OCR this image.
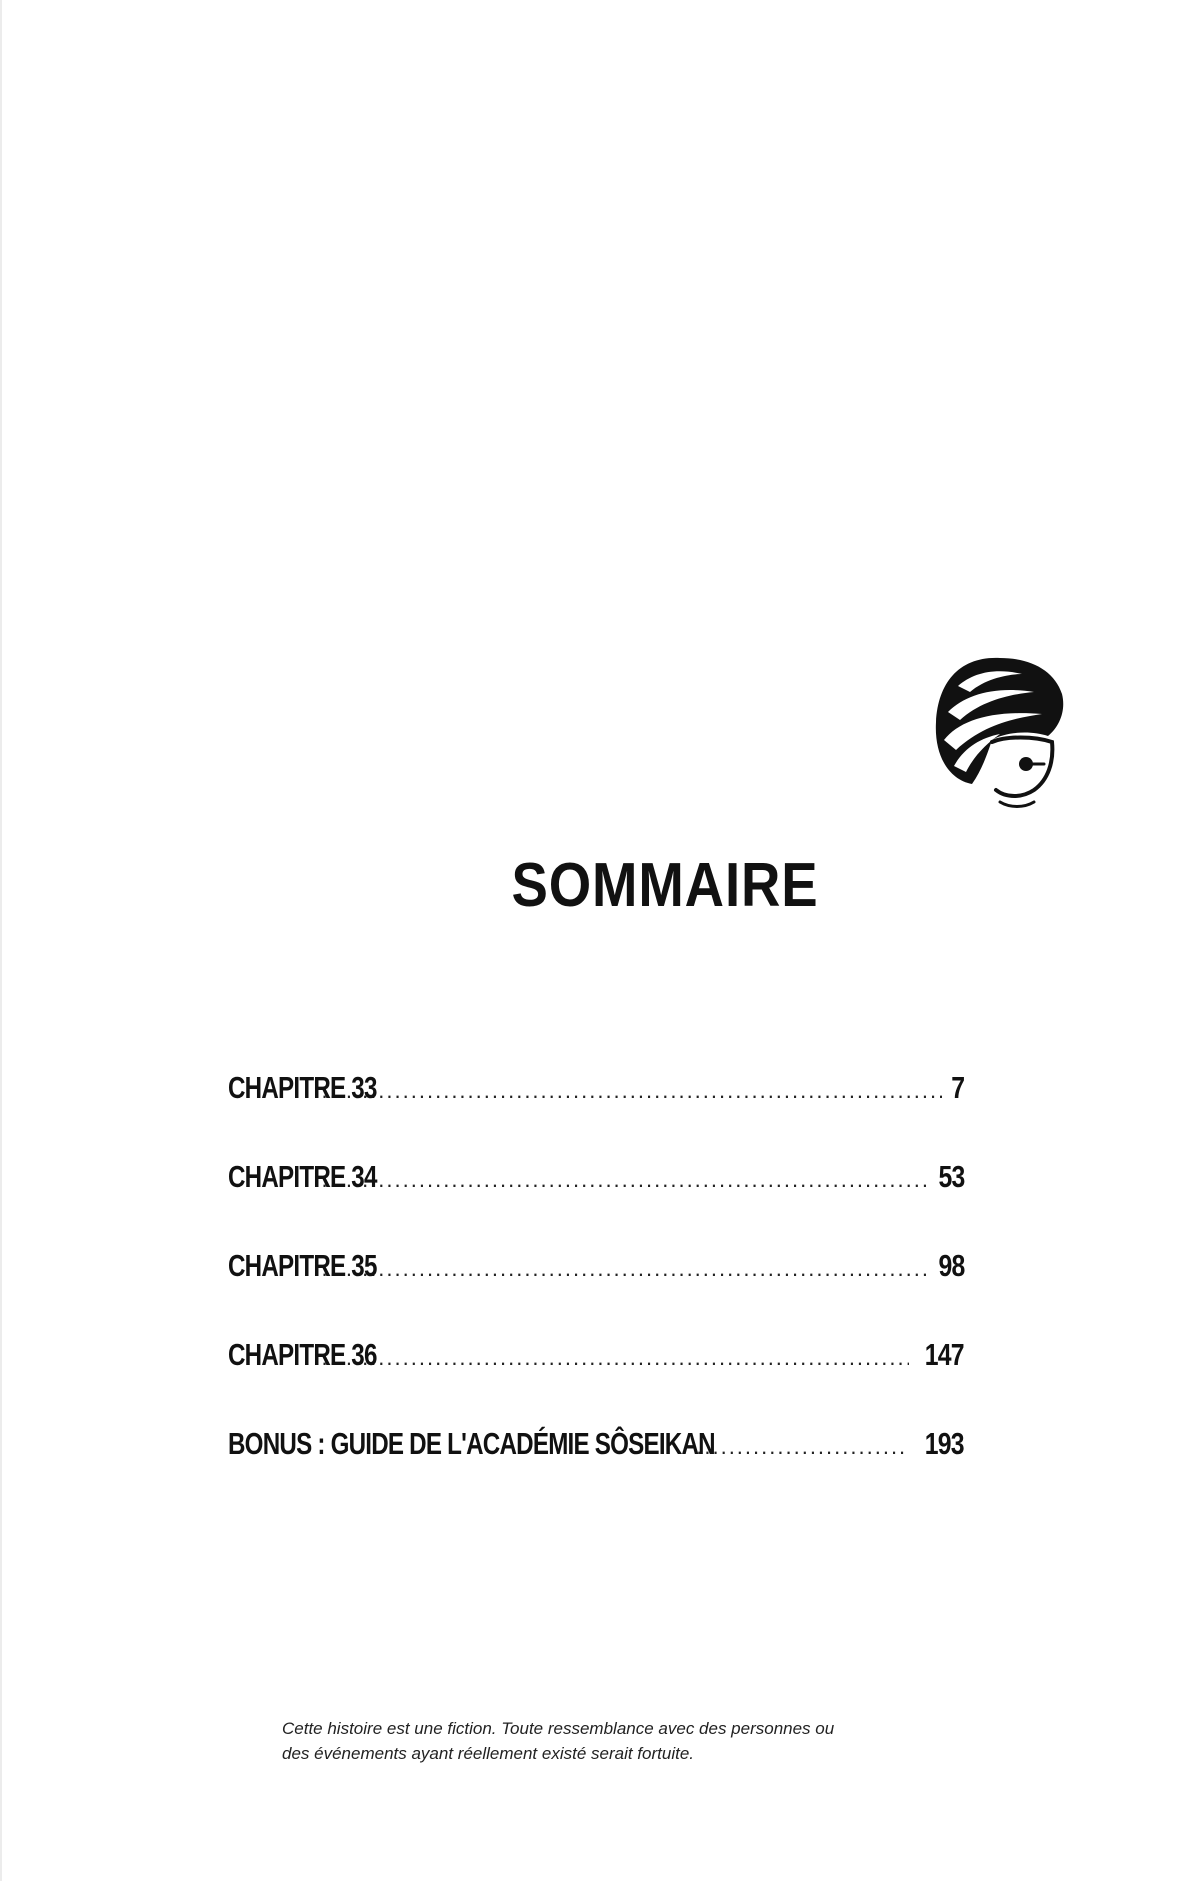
SOMMAIRE
CHAPITRE 33 .....	7
CHAPITRE 34 .....	53
CHAPITRE 35 .....	98
CHAPITRE 36 .....	147
BONUS : GUIDE DE L'ACADÉMIE SÔSEIKAN .....	193
Cette histoire est une fiction. Toute ressemblance avec des personnes ou
des événements ayant réellement existé serait fortuite.
